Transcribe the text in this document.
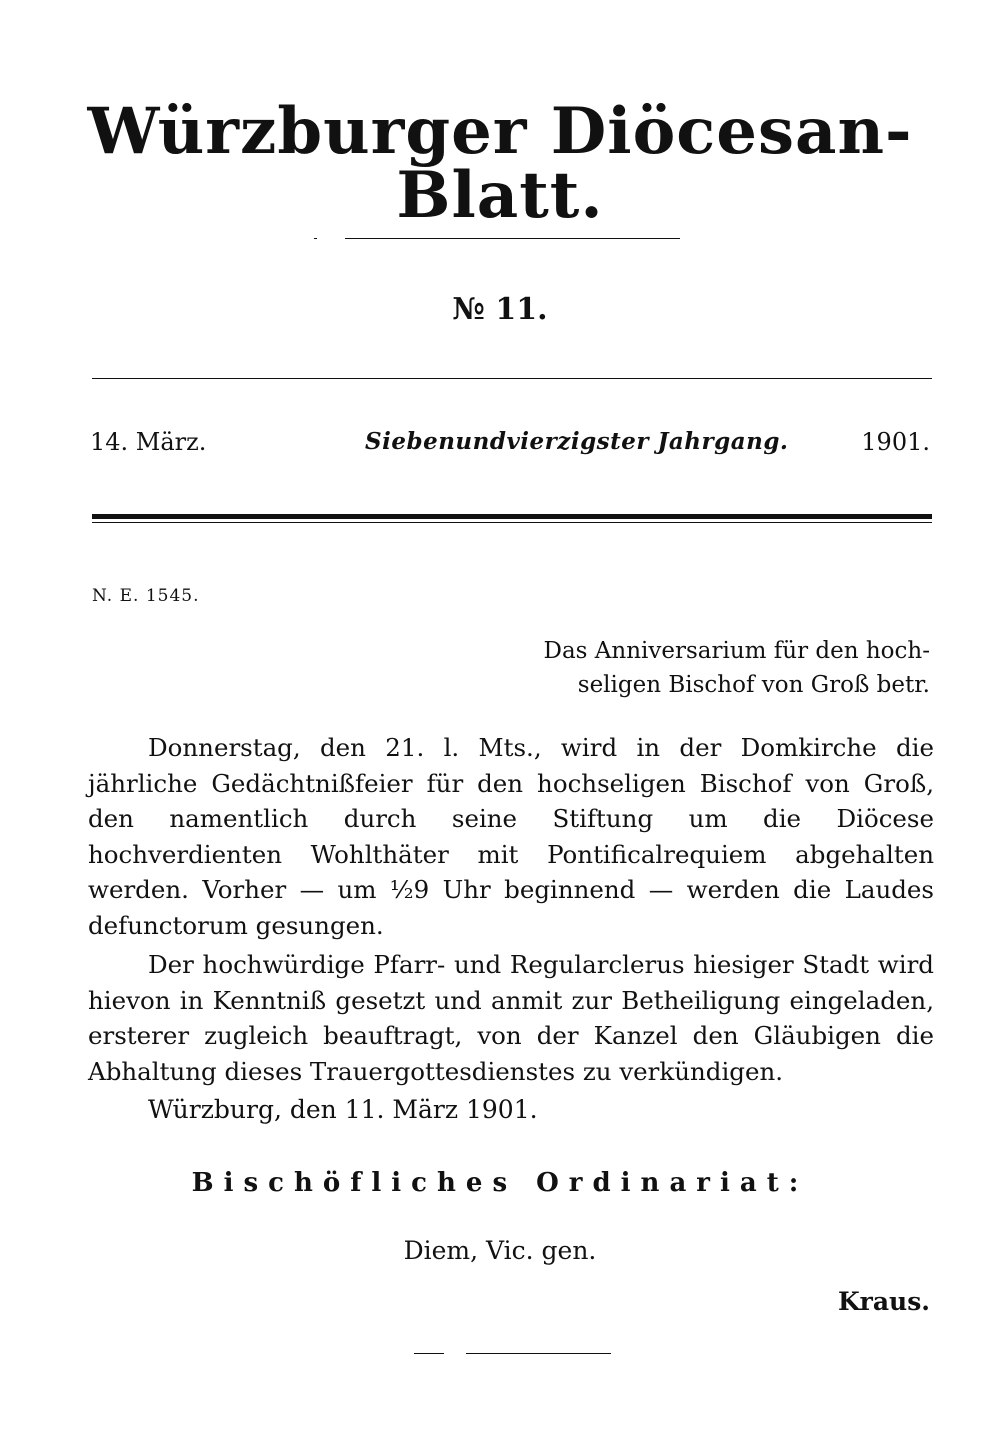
Würzburger Diöcesan-Blatt.
№ 11.
14. März.	Siebenundvierzigster Jahrgang.	1901.
N. E. 1545.
Das Anniversarium für den hoch-
seligen Bischof von Groß betr.

Donnerstag, den 21. l. Mts., wird in der Domkirche die jährliche Gedächtnißfeier für den hochseligen Bischof von Groß, den namentlich durch seine Stiftung um die Diöcese hochverdienten Wohlthäter mit Pontificalrequiem abgehalten werden. Vorher — um ½9 Uhr beginnend — werden die Laudes defunctorum gesungen.

Der hochwürdige Pfarr- und Regularclerus hiesiger Stadt wird hievon in Kenntniß gesetzt und anmit zur Betheiligung eingeladen, ersterer zugleich beauftragt, von der Kanzel den Gläubigen die Abhaltung dieses Trauergottesdienstes zu verkündigen.

Würzburg, den 11. März 1901.
Bischöfliches Ordinariat:
Diem, Vic. gen.
Kraus.
